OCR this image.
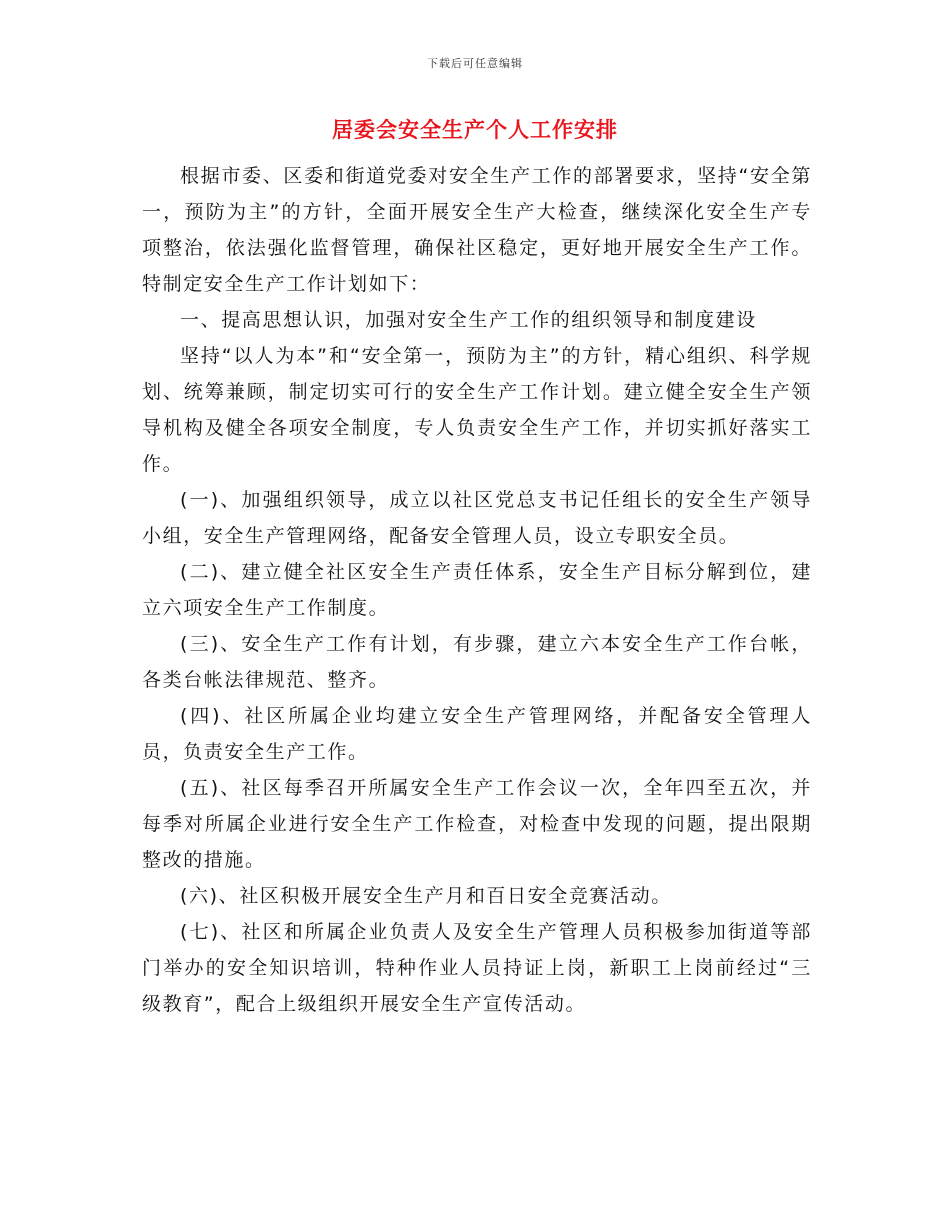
下载后可任意编辑
居委会安全生产个人工作安排

根据市委、区委和街道党委对安全生产工作的部署要求，坚持“安全第一，预防为主”的方针，全面开展安全生产大检查，继续深化安全生产专项整治，依法强化监督管理，确保社区稳定，更好地开展安全生产工作。特制定安全生产工作计划如下：

一、提高思想认识，加强对安全生产工作的组织领导和制度建设

坚持“以人为本”和“安全第一，预防为主”的方针，精心组织、科学规划、统筹兼顾，制定切实可行的安全生产工作计划。建立健全安全生产领导机构及健全各项安全制度，专人负责安全生产工作，并切实抓好落实工作。

(一)、加强组织领导，成立以社区党总支书记任组长的安全生产领导小组，安全生产管理网络，配备安全管理人员，设立专职安全员。

(二)、建立健全社区安全生产责任体系，安全生产目标分解到位，建立六项安全生产工作制度。

(三)、安全生产工作有计划，有步骤，建立六本安全生产工作台帐，各类台帐法律规范、整齐。

(四)、社区所属企业均建立安全生产管理网络，并配备安全管理人员，负责安全生产工作。

(五)、社区每季召开所属安全生产工作会议一次，全年四至五次，并每季对所属企业进行安全生产工作检查，对检查中发现的问题，提出限期整改的措施。

(六)、社区积极开展安全生产月和百日安全竞赛活动。

(七)、社区和所属企业负责人及安全生产管理人员积极参加街道等部门举办的安全知识培训，特种作业人员持证上岗，新职工上岗前经过“三级教育”，配合上级组织开展安全生产宣传活动。
